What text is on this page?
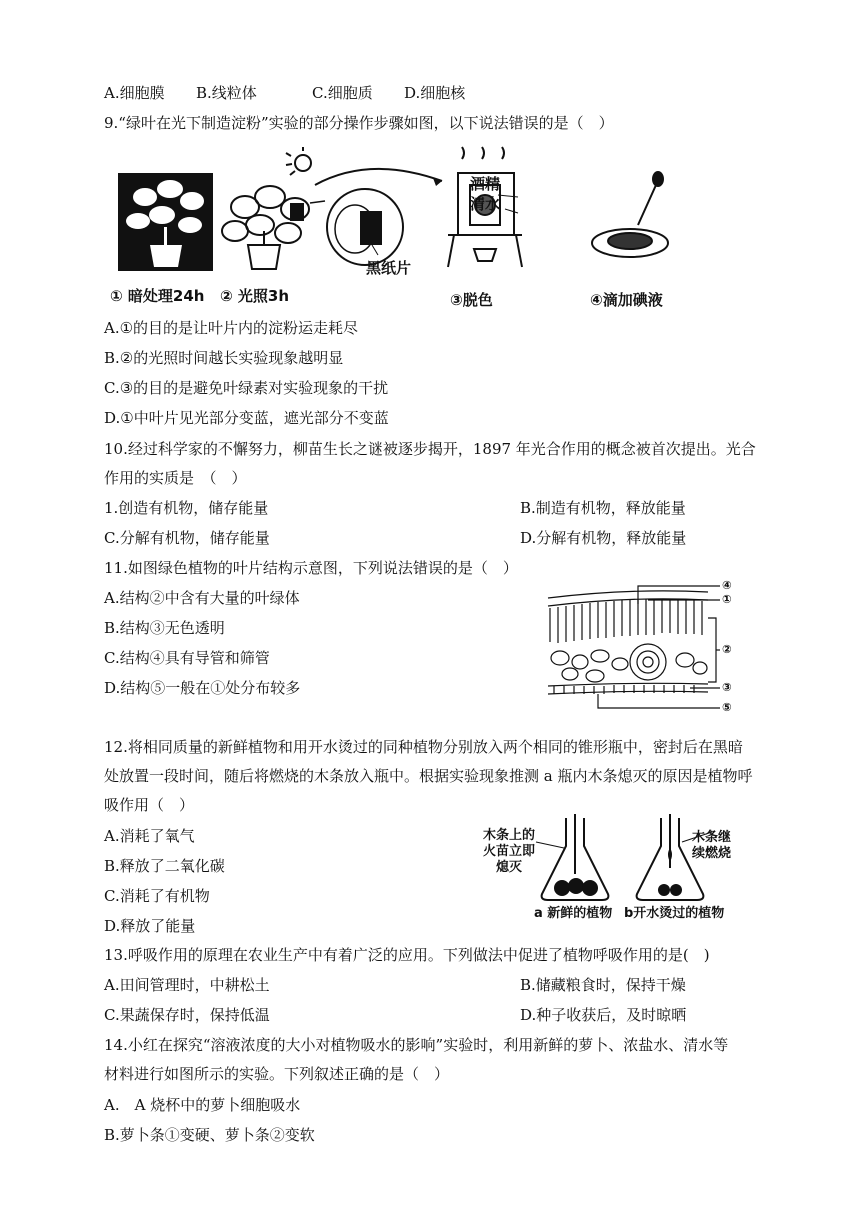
A.细胞膜 B.线粒体	C.细胞质 D.细胞核
9.“绿叶在光下制造淀粉”实验的部分操作步骤如图，以下说法错误的是（　）
酒精
清水
黑纸片
① 暗处理24h ② 光照3h	③脱色	④滴加碘液
A.①的目的是让叶片内的淀粉运走耗尽
B.②的光照时间越长实验现象越明显
C.③的目的是避免叶绿素对实验现象的干扰
D.①中叶片见光部分变蓝，遮光部分不变蓝
10.经过科学家的不懈努力，柳苗生长之谜被逐步揭开，1897 年光合作用的概念被首次提出。光合
作用的实质是　（　）
1.创造有机物，储存能量	B.制造有机物，释放能量
C.分解有机物，储存能量	D.分解有机物，释放能量
11.如图绿色植物的叶片结构示意图，下列说法错误的是（　）
A.结构②中含有大量的叶绿体
B.结构③无色透明
C.结构④具有导管和筛管
D.结构⑤一般在①处分布较多
④
①
②
③
⑤
12.将相同质量的新鲜植物和用开水烫过的同种植物分别放入两个相同的锥形瓶中，密封后在黑暗
处放置一段时间，随后将燃烧的木条放入瓶中。根据实验现象推测 a 瓶内木条熄灭的原因是植物呼
吸作用（　）
A.消耗了氧气
B.释放了二氧化碳
C.消耗了有机物
D.释放了能量
木条上的
火苗立即
熄灭
木条继
续燃烧
a 新鲜的植物 b开水烫过的植物
13.呼吸作用的原理在农业生产中有着广泛的应用。下列做法中促进了植物呼吸作用的是(　)
A.田间管理时，中耕松土	B.储藏粮食时，保持干燥
C.果蔬保存时，保持低温	D.种子收获后，及时晾晒
14.小红在探究“溶液浓度的大小对植物吸水的影响”实验时，利用新鲜的萝卜、浓盐水、清水等
材料进行如图所示的实验。下列叙述正确的是（　）
A.　A 烧杯中的萝卜细胞吸水
B.萝卜条①变硬、萝卜条②变软
